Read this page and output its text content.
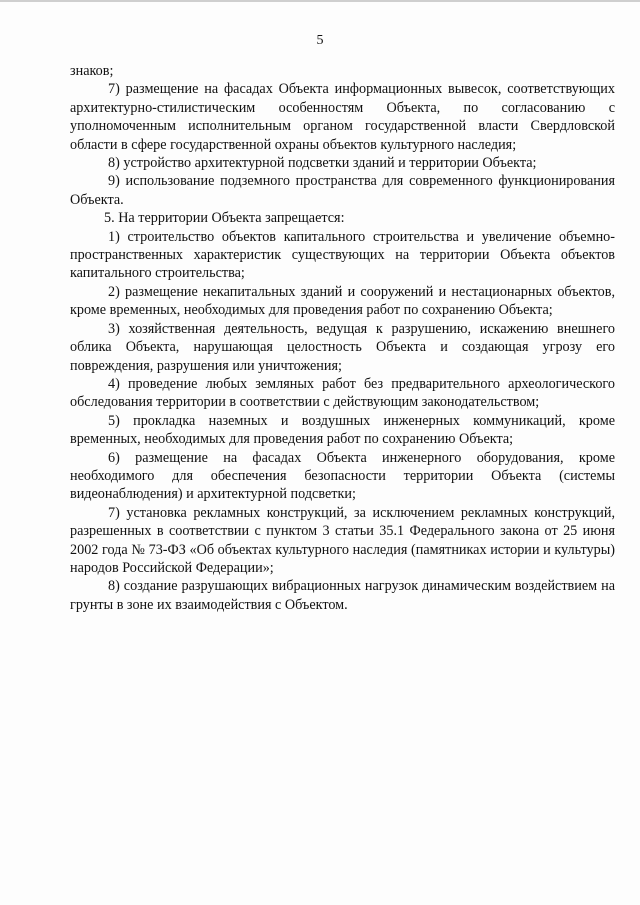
5

знаков;

7) размещение на фасадах Объекта информационных вывесок, соответствующих архитектурно-стилистическим особенностям Объекта, по согласованию с уполномоченным исполнительным органом государственной власти Свердловской области в сфере государственной охраны объектов культурного наследия;

8) устройство архитектурной подсветки зданий и территории Объекта;

9) использование подземного пространства для современного функционирования Объекта.

5. На территории Объекта запрещается:

1) строительство объектов капитального строительства и увеличение объемно-пространственных характеристик существующих на территории Объекта объектов капитального строительства;

2) размещение некапитальных зданий и сооружений и нестационарных объектов, кроме временных, необходимых для проведения работ по сохранению Объекта;

3) хозяйственная деятельность, ведущая к разрушению, искажению внешнего облика Объекта, нарушающая целостность Объекта и создающая угрозу его повреждения, разрушения или уничтожения;

4) проведение любых земляных работ без предварительного археологического обследования территории в соответствии с действующим законодательством;

5) прокладка наземных и воздушных инженерных коммуникаций, кроме временных, необходимых для проведения работ по сохранению Объекта;

6) размещение на фасадах Объекта инженерного оборудования, кроме необходимого для обеспечения безопасности территории Объекта (системы видеонаблюдения) и архитектурной подсветки;

7) установка рекламных конструкций, за исключением рекламных конструкций, разрешенных в соответствии с пунктом 3 статьи 35.1 Федерального закона от 25 июня 2002 года № 73-ФЗ «Об объектах культурного наследия (памятниках истории и культуры) народов Российской Федерации»;

8) создание разрушающих вибрационных нагрузок динамическим воздействием на грунты в зоне их взаимодействия с Объектом.
